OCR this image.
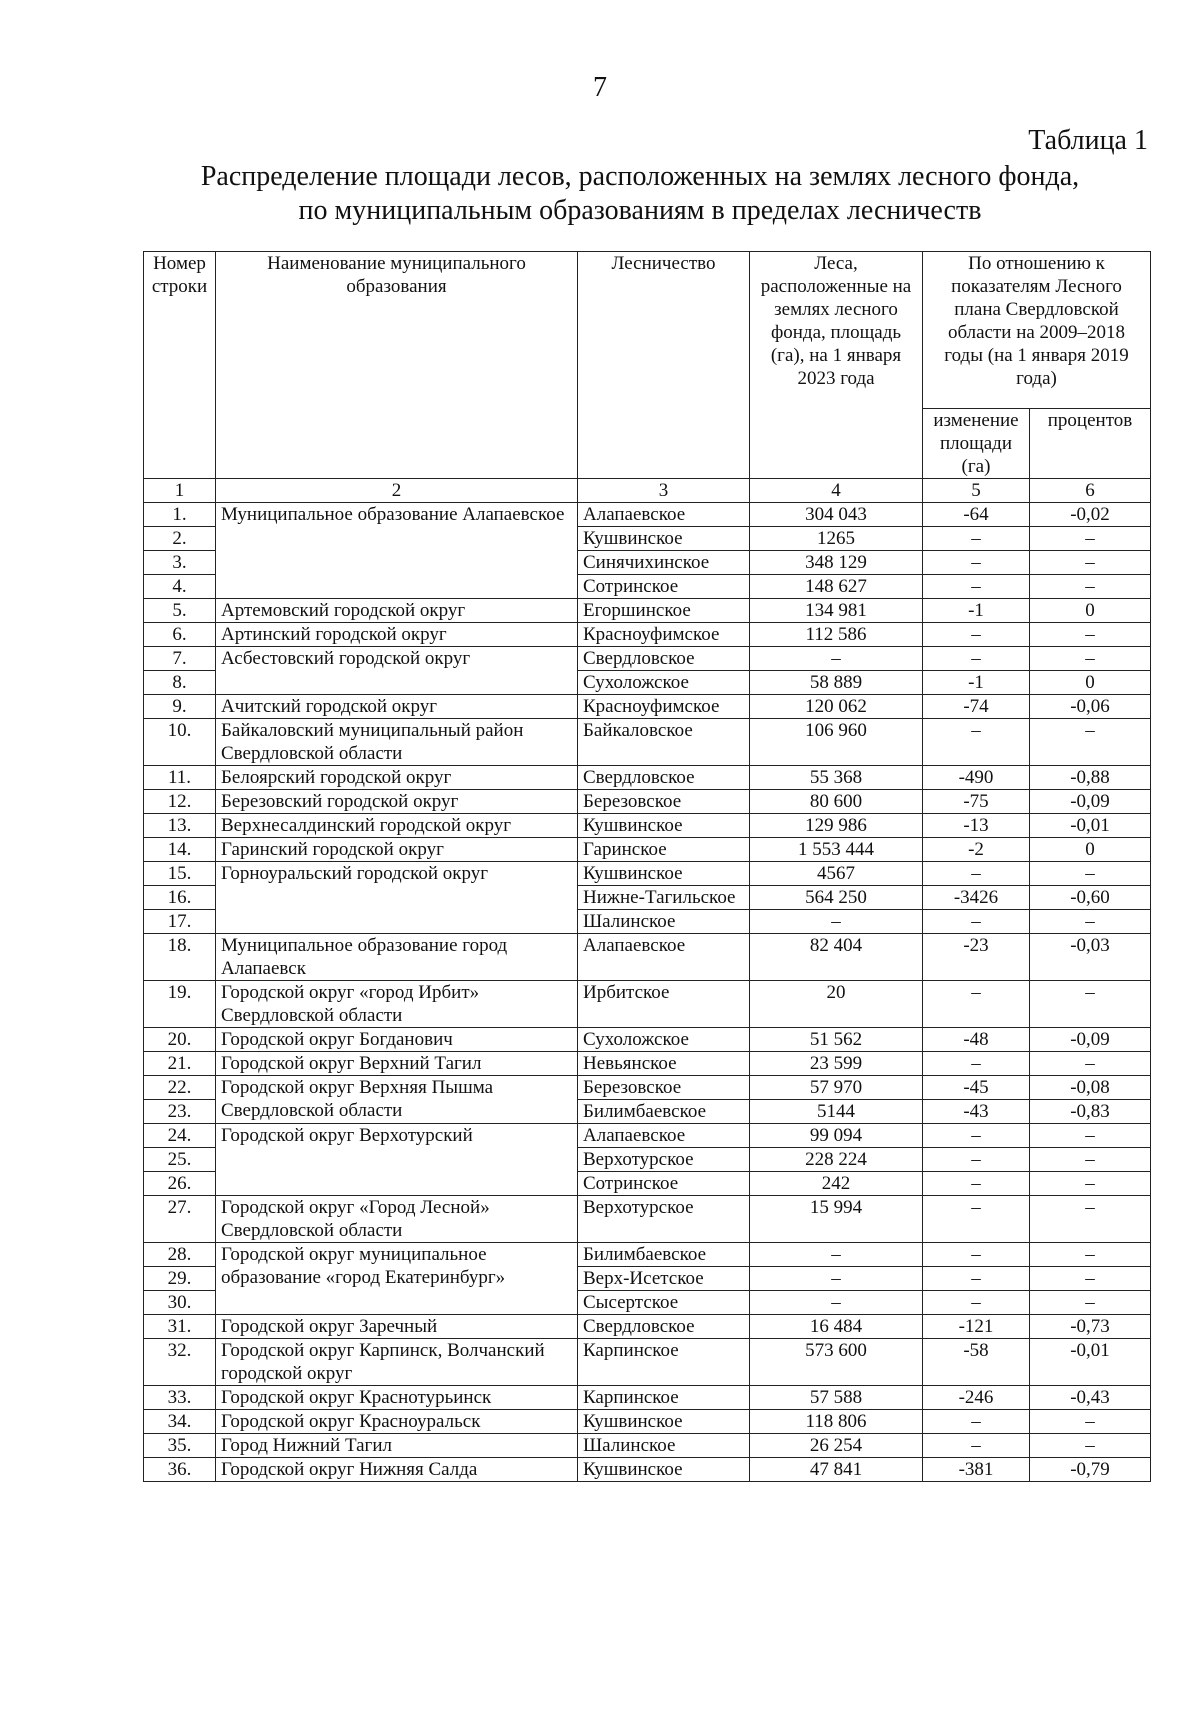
7
Таблица 1
Распределение площади лесов, расположенных на землях лесного фонда,
по муниципальным образованиям в пределах лесничеств
Номер строки	Наименование муниципального образования	Лесничество	Леса, расположенные на землях лесного фонда, площадь (га), на 1 января 2023 года	По отношению к показателям Лесного плана Свердловской области на 2009–2018 годы (на 1 января 2019 года)	
				изменение площади (га)	процентов
1	2	3	4	5	6
1.	Муниципальное образование Алапаевское	Алапаевское	304 043	-64	-0,02
2.		Кушвинское	1265	–	–
3.		Синячихинское	348 129	–	–
4.		Сотринское	148 627	–	–
5.	Артемовский городской округ	Егоршинское	134 981	-1	0
6.	Артинский городской округ	Красноуфимское	112 586	–	–
7.	Асбестовский городской округ	Свердловское	–	–	–
8.		Сухоложское	58 889	-1	0
9.	Ачитский городской округ	Красноуфимское	120 062	-74	-0,06
10.	Байкаловский муниципальный район Свердловской области	Байкаловское	106 960	–	–
11.	Белоярский городской округ	Свердловское	55 368	-490	-0,88
12.	Березовский городской округ	Березовское	80 600	-75	-0,09
13.	Верхнесалдинский городской округ	Кушвинское	129 986	-13	-0,01
14.	Гаринский городской округ	Гаринское	1 553 444	-2	0
15.	Горноуральский городской округ	Кушвинское	4567	–	–
16.		Нижне-Тагильское	564 250	-3426	-0,60
17.		Шалинское	–	–	–
18.	Муниципальное образование город Алапаевск	Алапаевское	82 404	-23	-0,03
19.	Городской округ «город Ирбит» Свердловской области	Ирбитское	20	–	–
20.	Городской округ Богданович	Сухоложское	51 562	-48	-0,09
21.	Городской округ Верхний Тагил	Невьянское	23 599	–	–
22.	Городской округ Верхняя Пышма Свердловской области	Березовское	57 970	-45	-0,08
23.		Билимбаевское	5144	-43	-0,83
24.	Городской округ Верхотурский	Алапаевское	99 094	–	–
25.		Верхотурское	228 224	–	–
26.		Сотринское	242	–	–
27.	Городской округ «Город Лесной» Свердловской области	Верхотурское	15 994	–	–
28.	Городской округ муниципальное образование «город Екатеринбург»	Билимбаевское	–	–	–
29.		Верх-Исетское	–	–	–
30.		Сысертское	–	–	–
31.	Городской округ Заречный	Свердловское	16 484	-121	-0,73
32.	Городской округ Карпинск, Волчанский городской округ	Карпинское	573 600	-58	-0,01
33.	Городской округ Краснотурьинск	Карпинское	57 588	-246	-0,43
34.	Городской округ Красноуральск	Кушвинское	118 806	–	–
35.	Город Нижний Тагил	Шалинское	26 254	–	–
36.	Городской округ Нижняя Салда	Кушвинское	47 841	-381	-0,79
